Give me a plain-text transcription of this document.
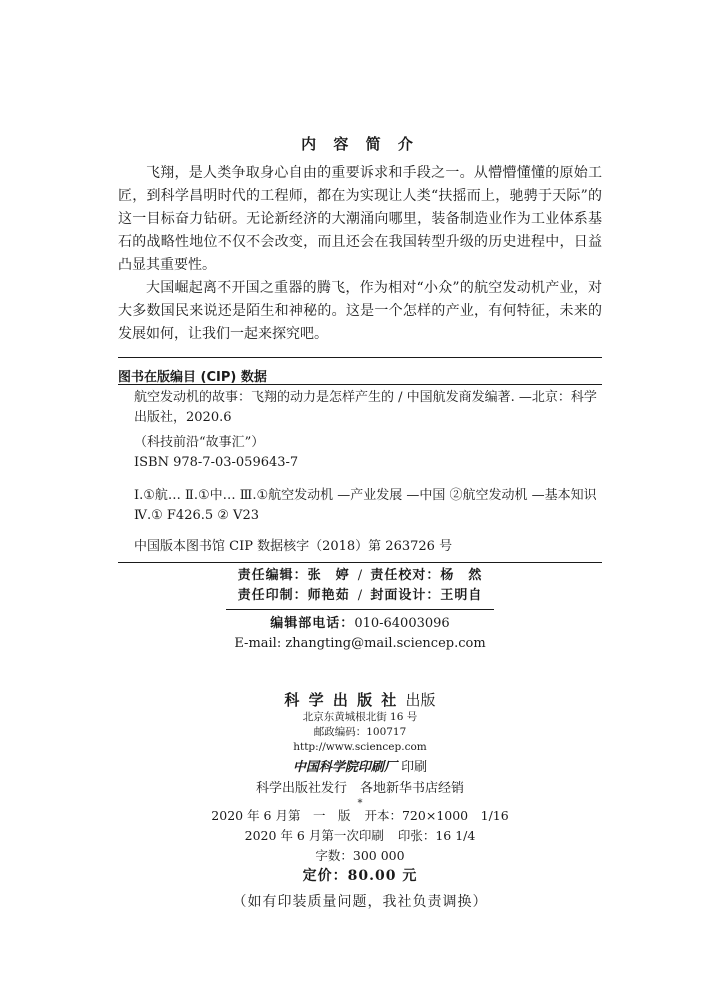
内 容 简 介

飞翔，是人类争取身心自由的重要诉求和手段之一。从懵懵懂懂的原始工匠，到科学昌明时代的工程师，都在为实现让人类“扶摇而上，驰骋于天际”的这一目标奋力钻研。无论新经济的大潮涌向哪里，装备制造业作为工业体系基石的战略性地位不仅不会改变，而且还会在我国转型升级的历史进程中，日益凸显其重要性。

大国崛起离不开国之重器的腾飞，作为相对“小众”的航空发动机产业，对大多数国民来说还是陌生和神秘的。这是一个怎样的产业，有何特征，未来的发展如何，让我们一起来探究吧。

图书在版编目 (CIP) 数据
航空发动机的故事：飞翔的动力是怎样产生的 / 中国航发商发编著. —北京：科学出版社，2020.6
（科技前沿“故事汇”）
ISBN 978-7-03-059643-7
Ⅰ.①航… Ⅱ.①中… Ⅲ.①航空发动机 —产业发展 —中国 ②航空发动机 —基本知识 Ⅳ.① F426.5 ② V23
中国版本图书馆 CIP 数据核字（2018）第 263726 号
责任编辑：张　婷 / 责任校对：杨　然
责任印制：师艳茹 / 封面设计：王明自
编辑部电话：010-64003096
E-mail: zhangting@mail.sciencep.com
科 学 出 版 社 出版
北京东黄城根北街 16 号
邮政编码：100717
http://www.sciencep.com
中国科学院印刷厂 印刷
科学出版社发行　各地新华书店经销
*
2020 年 6 月第　一　版 开本：720×1000　1/16
2020 年 6 月第一次印刷 印张：16 1/4
字数：300 000
定价：80.00 元
（如有印装质量问题，我社负责调换）
